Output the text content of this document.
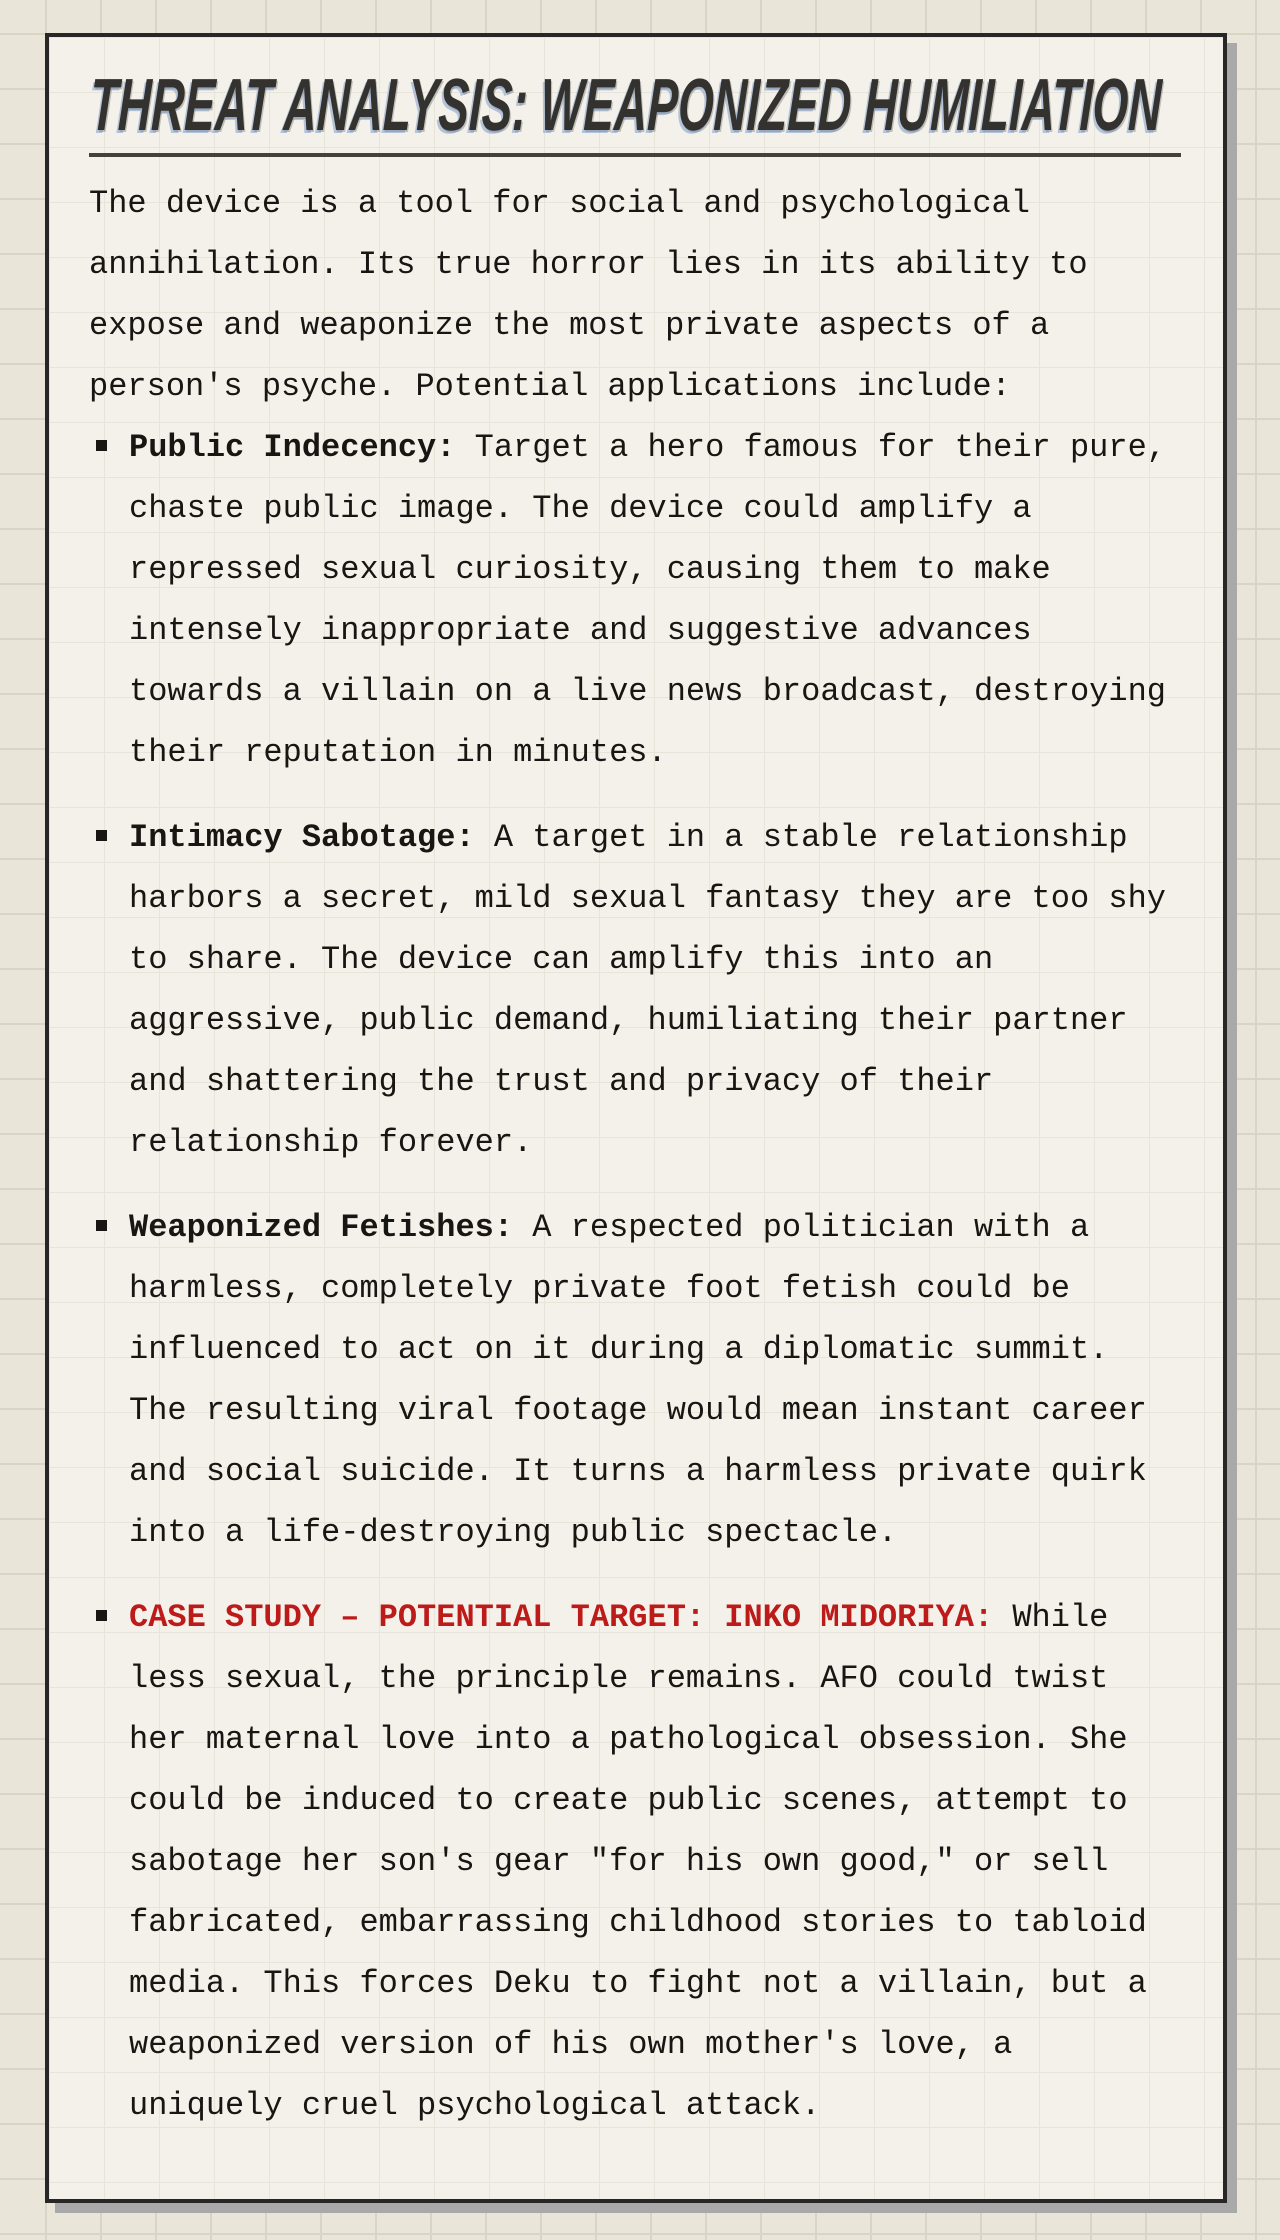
THREAT ANALYSIS: WEAPONIZED HUMILIATION

The device is a tool for social and psychological annihilation. Its true horror lies in its ability to expose and weaponize the most private aspects of a person's psyche. Potential applications include:

Public Indecency: Target a hero famous for their pure, chaste public image. The device could amplify a repressed sexual curiosity, causing them to make intensely inappropriate and suggestive advances towards a villain on a live news broadcast, destroying their reputation in minutes.
Intimacy Sabotage: A target in a stable relationship harbors a secret, mild sexual fantasy they are too shy to share. The device can amplify this into an aggressive, public demand, humiliating their partner and shattering the trust and privacy of their relationship forever.
Weaponized Fetishes: A respected politician with a harmless, completely private foot fetish could be influenced to act on it during a diplomatic summit. The resulting viral footage would mean instant career and social suicide. It turns a harmless private quirk into a life-destroying public spectacle.
CASE STUDY – POTENTIAL TARGET: INKO MIDORIYA: While less sexual, the principle remains. AFO could twist her maternal love into a pathological obsession. She could be induced to create public scenes, attempt to sabotage her son's gear "for his own good," or sell fabricated, embarrassing childhood stories to tabloid media. This forces Deku to fight not a villain, but a weaponized version of his own mother's love, a uniquely cruel psychological attack.
